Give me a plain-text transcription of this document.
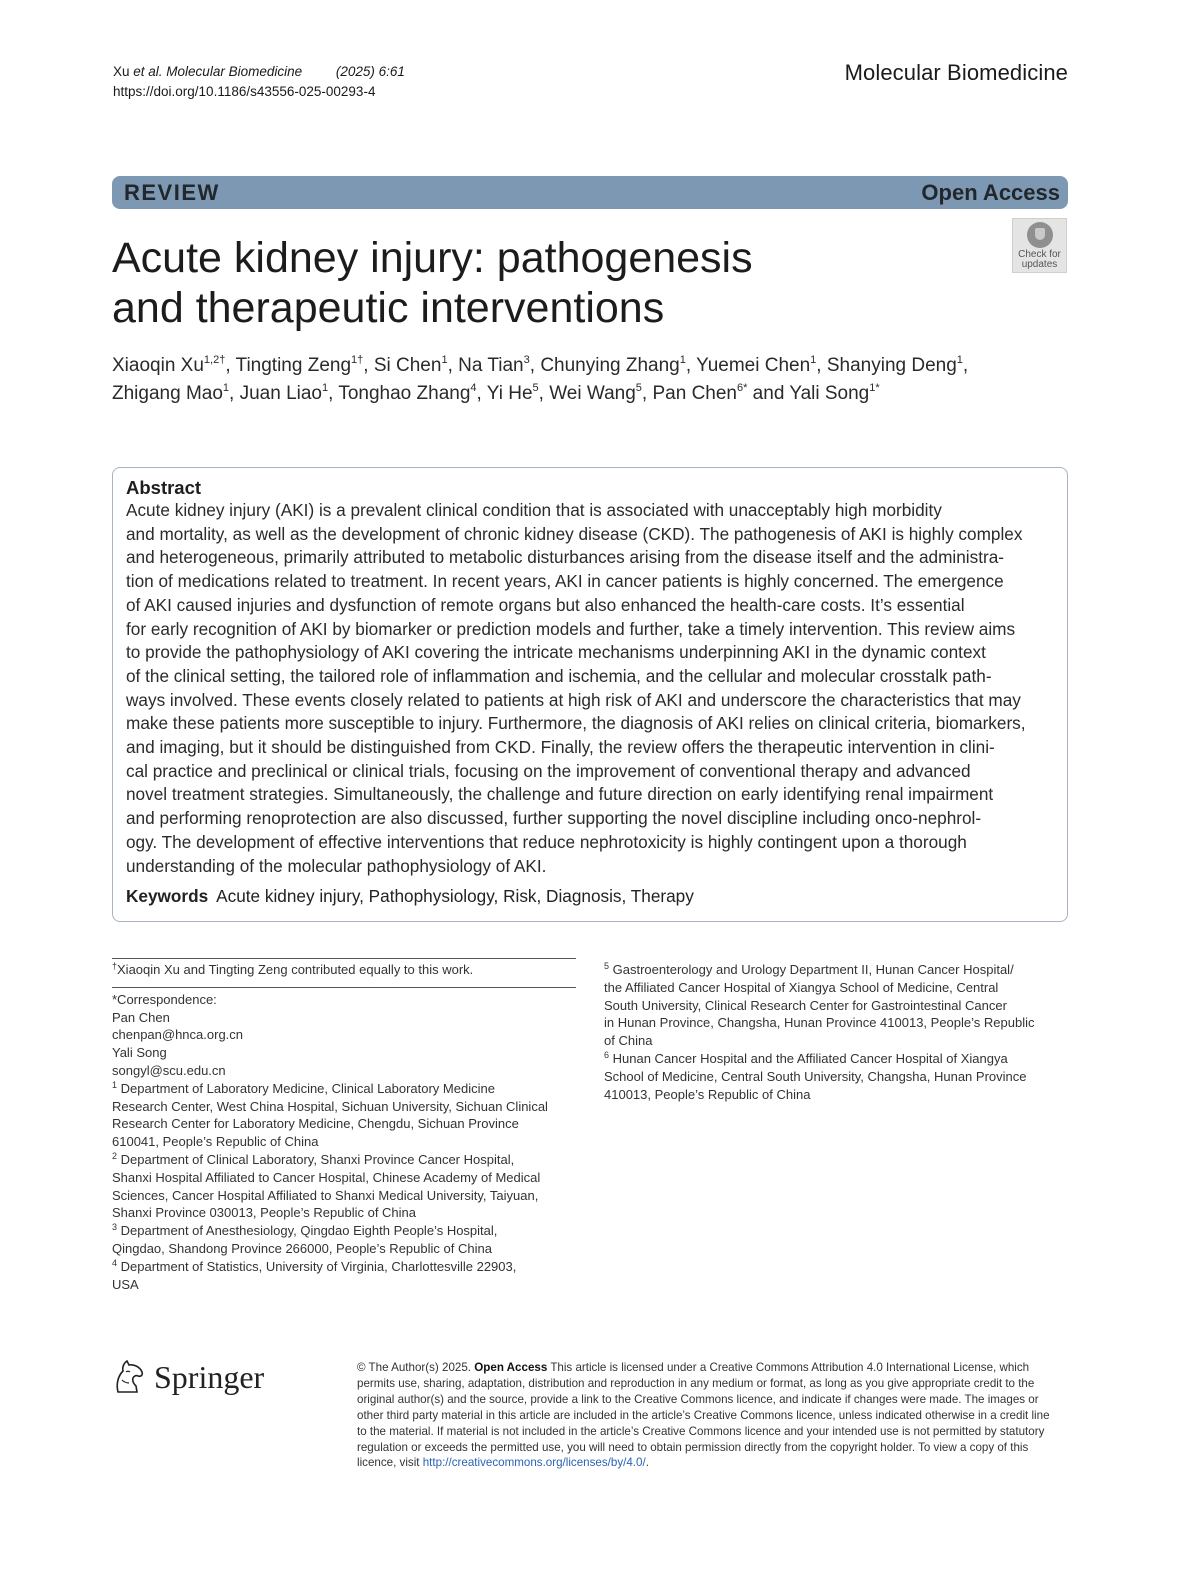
Xu et al. Molecular Biomedicine	(2025) 6:61
https://doi.org/10.1186/s43556-025-00293-4
Molecular Biomedicine
REVIEW	Open Access
Acute kidney injury: pathogenesis
and therapeutic interventions
Check for
updates
Xiaoqin $Xu^{1,2\dagger}$, Tingting Zeng$^{1\dagger}$, Si Chen$^1$, Na Tian$^3$, Chunying Zhang$^1$, Yuemei Chen$^1$, Shanying Deng$^1$,
Zhigang Mao$^1$, Juan Liao$^1$, Tonghao Zhang$^4$, Yi He$^5$, Wei Wang$^5$, Pan Chen$^{6*}$ and Yali Song$^{1*}$
Abstract
Acute kidney injury (AKI) is a prevalent clinical condition that is associated with unacceptably high morbidity
and mortality, as well as the development of chronic kidney disease (CKD). The pathogenesis of AKI is highly complex
and heterogeneous, primarily attributed to metabolic disturbances arising from the disease itself and the administra-
tion of medications related to treatment. In recent years, AKI in cancer patients is highly concerned. The emergence
of AKI caused injuries and dysfunction of remote organs but also enhanced the health-care costs. It’s essential
for early recognition of AKI by biomarker or prediction models and further, take a timely intervention. This review aims
to provide the pathophysiology of AKI covering the intricate mechanisms underpinning AKI in the dynamic context
of the clinical setting, the tailored role of inflammation and ischemia, and the cellular and molecular crosstalk path-
ways involved. These events closely related to patients at high risk of AKI and underscore the characteristics that may
make these patients more susceptible to injury. Furthermore, the diagnosis of AKI relies on clinical criteria, biomarkers,
and imaging, but it should be distinguished from CKD. Finally, the review offers the therapeutic intervention in clini-
cal practice and preclinical or clinical trials, focusing on the improvement of conventional therapy and advanced
novel treatment strategies. Simultaneously, the challenge and future direction on early identifying renal impairment
and performing renoprotection are also discussed, further supporting the novel discipline including onco-nephrol-
ogy. The development of effective interventions that reduce nephrotoxicity is highly contingent upon a thorough
understanding of the molecular pathophysiology of AKI.
Keywords Acute kidney injury, Pathophysiology, Risk, Diagnosis, Therapy
†Xiaoqin Xu and Tingting Zeng contributed equally to this work.
*Correspondence:
Pan Chen
chenpan@hnca.org.cn
Yali Song
songyl@scu.edu.cn
$^1$ Department of Laboratory Medicine, Clinical Laboratory Medicine
Research Center, West China Hospital, Sichuan University, Sichuan Clinical
Research Center for Laboratory Medicine, Chengdu, Sichuan Province
610041, People’s Republic of China
$^2$ Department of Clinical Laboratory, Shanxi Province Cancer Hospital,
Shanxi Hospital Affiliated to Cancer Hospital, Chinese Academy of Medical
Sciences, Cancer Hospital Affiliated to Shanxi Medical University, Taiyuan,
Shanxi Province 030013, People’s Republic of China
$^3$ Department of Anesthesiology, Qingdao Eighth People’s Hospital,
Qingdao, Shandong Province 266000, People’s Republic of China
$^4$ Department of Statistics, University of Virginia, Charlottesville 22903,
USA
$^5$ Gastroenterology and Urology Department II, Hunan Cancer Hospital/
the Affiliated Cancer Hospital of Xiangya School of Medicine, Central
South University, Clinical Research Center for Gastrointestinal Cancer
in Hunan Province, Changsha, Hunan Province 410013, People’s Republic
of China
$^6$ Hunan Cancer Hospital and the Affiliated Cancer Hospital of Xiangya
School of Medicine, Central South University, Changsha, Hunan Province
410013, People’s Republic of China
Springer	© The Author(s) 2025. Open Access This article is licensed under a Creative Commons Attribution 4.0 International License, which
permits use, sharing, adaptation, distribution and reproduction in any medium or format, as long as you give appropriate credit to the
original author(s) and the source, provide a link to the Creative Commons licence, and indicate if changes were made. The images or
other third party material in this article are included in the article’s Creative Commons licence, unless indicated otherwise in a credit line
to the material. If material is not included in the article’s Creative Commons licence and your intended use is not permitted by statutory
regulation or exceeds the permitted use, you will need to obtain permission directly from the copyright holder. To view a copy of this
licence, visit http://creativecommons.org/licenses/by/4.0/.
